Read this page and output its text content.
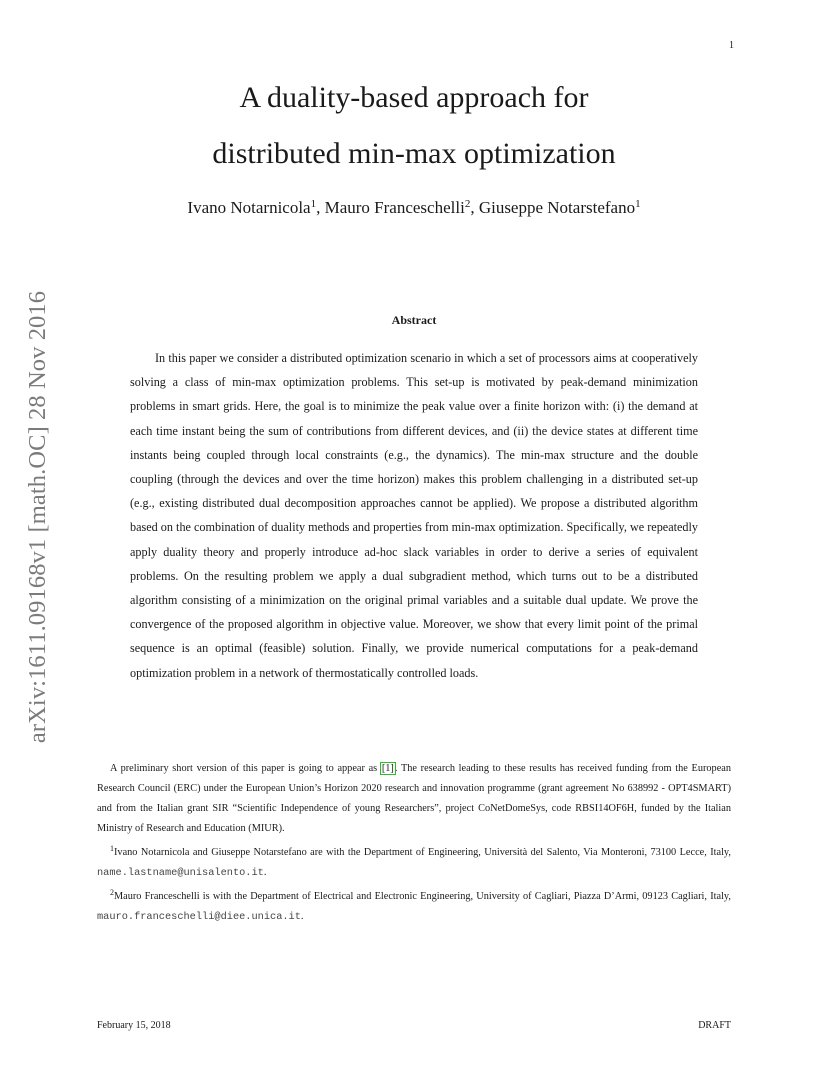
1
arXiv:1611.09168v1 [math.OC] 28 Nov 2016
A duality-based approach for
distributed min-max optimization
Ivano Notarnicola$^1$, Mauro Franceschelli$^2$, Giuseppe Notarstefano$^1$
Abstract

In this paper we consider a distributed optimization scenario in which a set of processors aims at cooperatively solving a class of min-max optimization problems. This set-up is motivated by peak-demand minimization problems in smart grids. Here, the goal is to minimize the peak value over a finite horizon with: (i) the demand at each time instant being the sum of contributions from different devices, and (ii) the device states at different time instants being coupled through local constraints (e.g., the dynamics). The min-max structure and the double coupling (through the devices and over the time horizon) makes this problem challenging in a distributed set-up (e.g., existing distributed dual decomposition approaches cannot be applied). We propose a distributed algorithm based on the combination of duality methods and properties from min-max optimization. Specifically, we repeatedly apply duality theory and properly introduce ad-hoc slack variables in order to derive a series of equivalent problems. On the resulting problem we apply a dual subgradient method, which turns out to be a distributed algorithm consisting of a minimization on the original primal variables and a suitable dual update. We prove the convergence of the proposed algorithm in objective value. Moreover, we show that every limit point of the primal sequence is an optimal (feasible) solution. Finally, we provide numerical computations for a peak-demand optimization problem in a network of thermostatically controlled loads.

A preliminary short version of this paper is going to appear as [1]. The research leading to these results has received funding from the European Research Council (ERC) under the European Union’s Horizon 2020 research and innovation programme (grant agreement No 638992 - OPT4SMART) and from the Italian grant SIR “Scientific Independence of young Researchers”, project CoNetDomeSys, code RBSI14OF6H, funded by the Italian Ministry of Research and Education (MIUR).

$^1$Ivano Notarnicola and Giuseppe Notarstefano are with the Department of Engineering, Università del Salento, Via Monteroni, 73100 Lecce, Italy, name.lastname@unisalento.it.

$^2$Mauro Franceschelli is with the Department of Electrical and Electronic Engineering, University of Cagliari, Piazza D’Armi, 09123 Cagliari, Italy, mauro.franceschelli@diee.unica.it.

February 15, 2018	DRAFT
